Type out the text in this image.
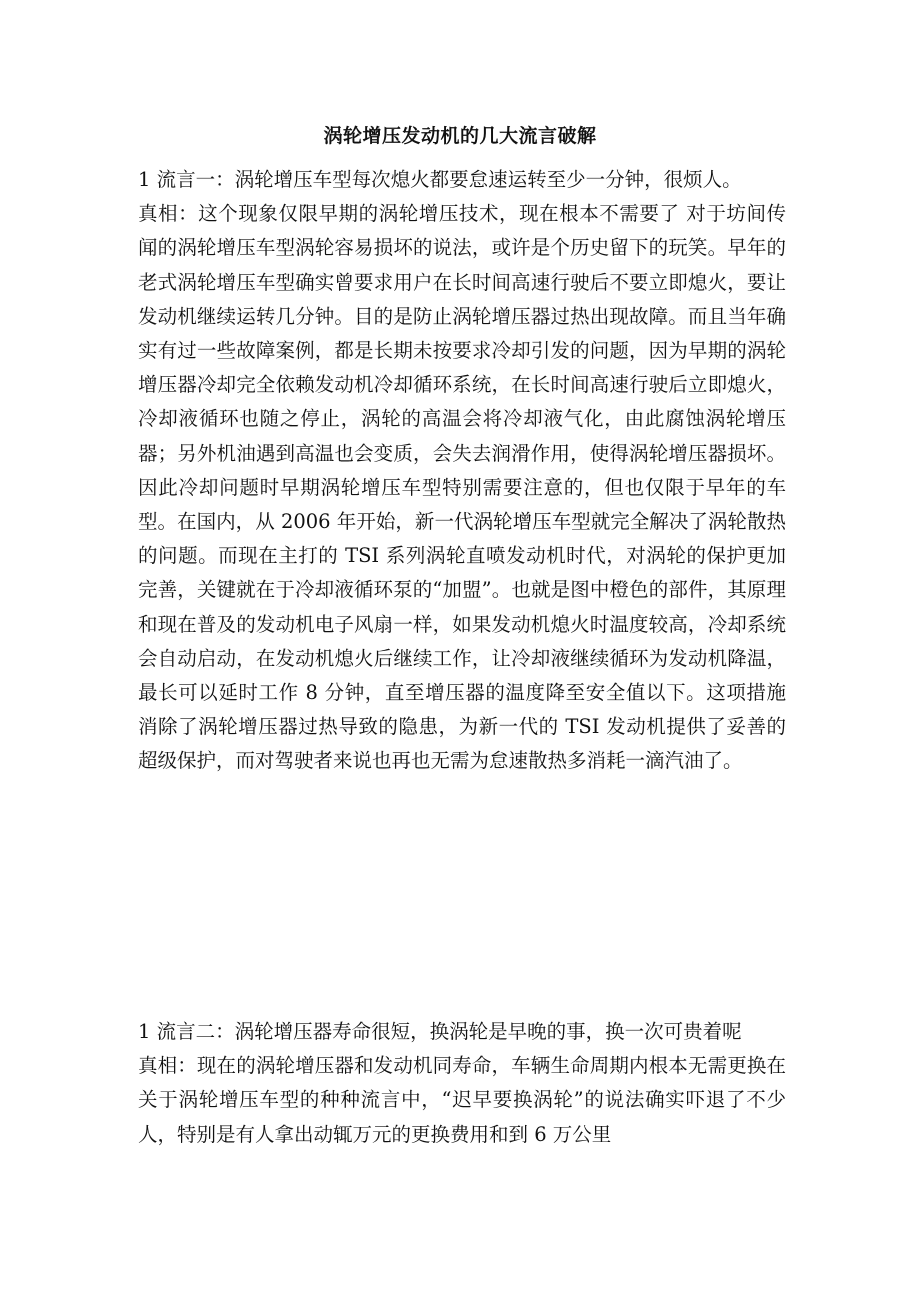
涡轮增压发动机的几大流言破解

1 流言一：涡轮增压车型每次熄火都要怠速运转至少一分钟，很烦人。

真相：这个现象仅限早期的涡轮增压技术，现在根本不需要了 对于坊间传闻的涡轮增压车型涡轮容易损坏的说法，或许是个历史留下的玩笑。早年的老式涡轮增压车型确实曾要求用户在长时间高速行驶后不要立即熄火，要让发动机继续运转几分钟。目的是防止涡轮增压器过热出现故障。而且当年确实有过一些故障案例，都是长期未按要求冷却引发的问题，因为早期的涡轮增压器冷却完全依赖发动机冷却循环系统，在长时间高速行驶后立即熄火，冷却液循环也随之停止，涡轮的高温会将冷却液气化，由此腐蚀涡轮增压器；另外机油遇到高温也会变质，会失去润滑作用，使得涡轮增压器损坏。因此冷却问题时早期涡轮增压车型特别需要注意的，但也仅限于早年的车型。在国内，从 2006 年开始，新一代涡轮增压车型就完全解决了涡轮散热的问题。而现在主打的 TSI 系列涡轮直喷发动机时代，对涡轮的保护更加完善，关键就在于冷却液循环泵的“加盟”。也就是图中橙色的部件，其原理和现在普及的发动机电子风扇一样，如果发动机熄火时温度较高，冷却系统会自动启动，在发动机熄火后继续工作，让冷却液继续循环为发动机降温，最长可以延时工作 8 分钟，直至增压器的温度降至安全值以下。这项措施消除了涡轮增压器过热导致的隐患，为新一代的 TSI 发动机提供了妥善的超级保护，而对驾驶者来说也再也无需为怠速散热多消耗一滴汽油了。

1 流言二：涡轮增压器寿命很短，换涡轮是早晚的事，换一次可贵着呢

真相：现在的涡轮增压器和发动机同寿命，车辆生命周期内根本无需更换在关于涡轮增压车型的种种流言中，“迟早要换涡轮”的说法确实吓退了不少人，特别是有人拿出动辄万元的更换费用和到 6 万公里
